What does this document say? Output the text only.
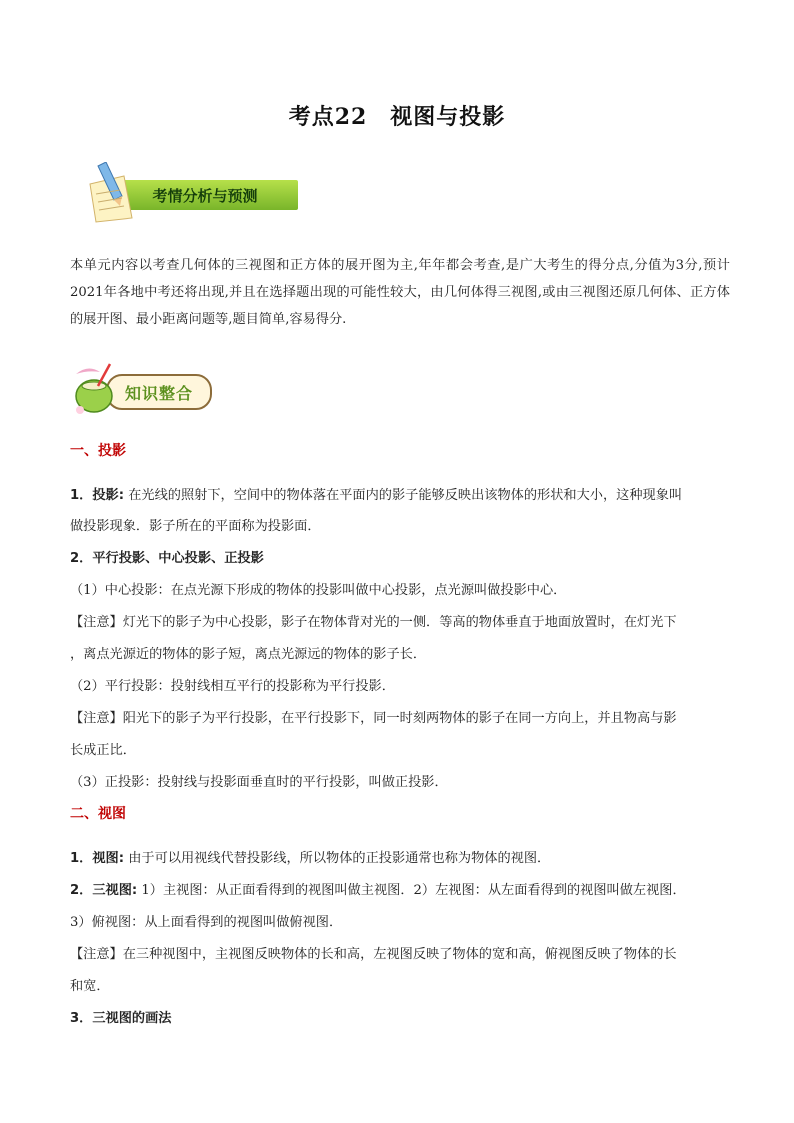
考点22　视图与投影
考情分析与预测
本单元内容以考查几何体的三视图和正方体的展开图为主,年年都会考查,是广大考生的得分点,分值为3分,预计2021年各地中考还将出现,并且在选择题出现的可能性较大，由几何体得三视图,或由三视图还原几何体、正方体的展开图、最小距离问题等,题目简单,容易得分.
知识整合
一、投影
1．投影: 在光线的照射下，空间中的物体落在平面内的影子能够反映出该物体的形状和大小，这种现象叫
做投影现象．影子所在的平面称为投影面．
2．平行投影、中心投影、正投影
（1）中心投影：在点光源下形成的物体的投影叫做中心投影，点光源叫做投影中心．
【注意】灯光下的影子为中心投影，影子在物体背对光的一侧．等高的物体垂直于地面放置时，在灯光下
，离点光源近的物体的影子短，离点光源远的物体的影子长．
（2）平行投影：投射线相互平行的投影称为平行投影．
【注意】阳光下的影子为平行投影，在平行投影下，同一时刻两物体的影子在同一方向上，并且物高与影
长成正比．
（3）正投影：投射线与投影面垂直时的平行投影，叫做正投影．
二、视图
1．视图: 由于可以用视线代替投影线，所以物体的正投影通常也称为物体的视图．
2．三视图: 1）主视图：从正面看得到的视图叫做主视图．2）左视图：从左面看得到的视图叫做左视图．
3）俯视图：从上面看得到的视图叫做俯视图．
【注意】在三种视图中，主视图反映物体的长和高，左视图反映了物体的宽和高，俯视图反映了物体的长
和宽．
3．三视图的画法
